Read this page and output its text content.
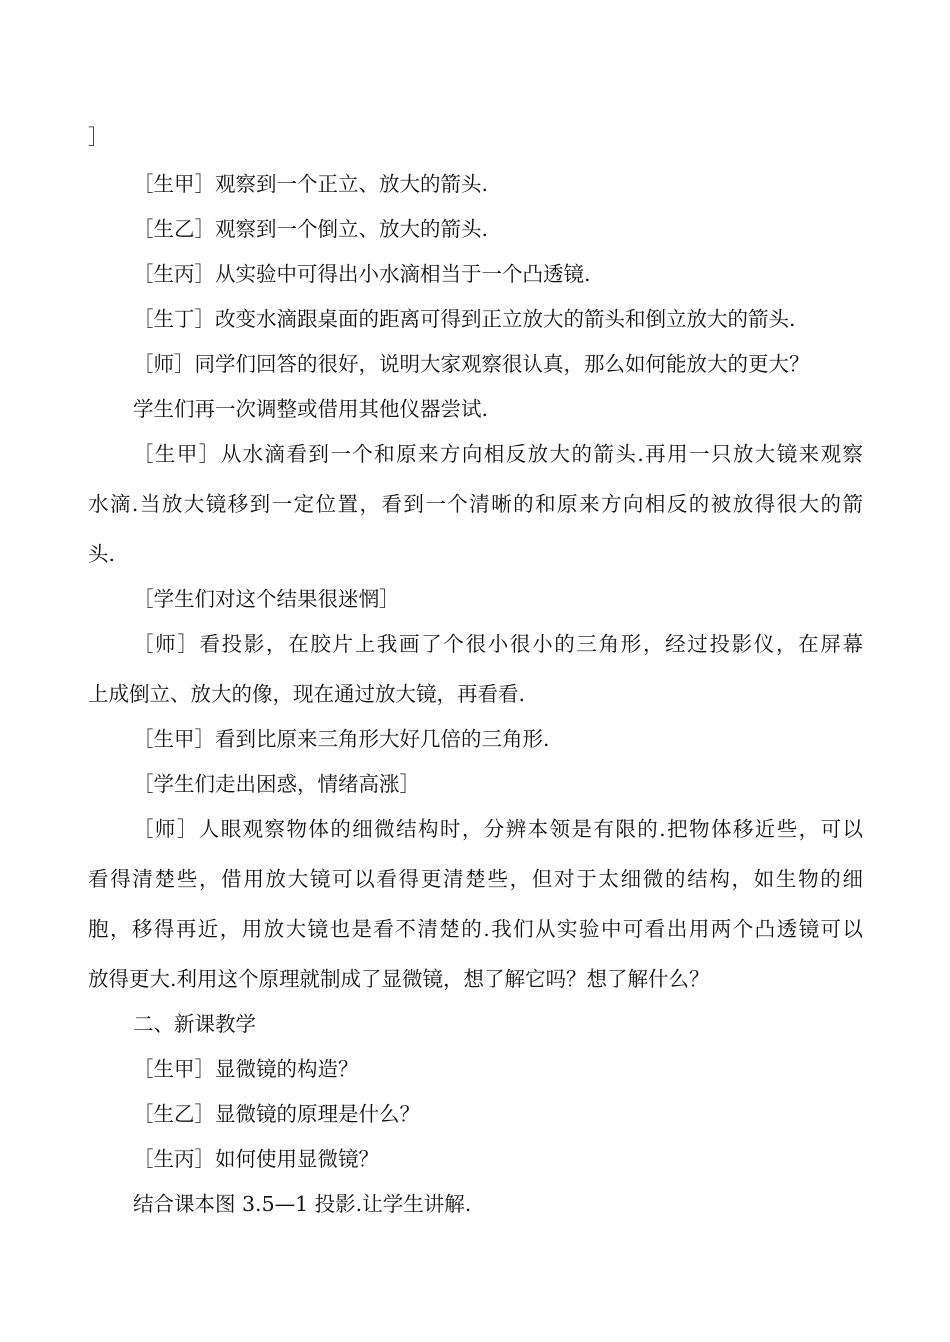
］
［生甲］观察到一个正立、放大的箭头.
［生乙］观察到一个倒立、放大的箭头.
［生丙］从实验中可得出小水滴相当于一个凸透镜.
［生丁］改变水滴跟桌面的距离可得到正立放大的箭头和倒立放大的箭头.
［师］同学们回答的很好，说明大家观察很认真，那么如何能放大的更大？
学生们再一次调整或借用其他仪器尝试.
［生甲］从水滴看到一个和原来方向相反放大的箭头.再用一只放大镜来观察
水滴.当放大镜移到一定位置，看到一个清晰的和原来方向相反的被放得很大的箭
头.
［学生们对这个结果很迷惘］
［师］看投影，在胶片上我画了个很小很小的三角形，经过投影仪，在屏幕
上成倒立、放大的像，现在通过放大镜，再看看.
［生甲］看到比原来三角形大好几倍的三角形.
［学生们走出困惑，情绪高涨］
［师］人眼观察物体的细微结构时，分辨本领是有限的.把物体移近些，可以
看得清楚些，借用放大镜可以看得更清楚些，但对于太细微的结构，如生物的细
胞，移得再近，用放大镜也是看不清楚的.我们从实验中可看出用两个凸透镜可以
放得更大.利用这个原理就制成了显微镜，想了解它吗？想了解什么？
二、新课教学
［生甲］显微镜的构造？
［生乙］显微镜的原理是什么？
［生丙］如何使用显微镜？
结合课本图 3.5—1 投影.让学生讲解.
